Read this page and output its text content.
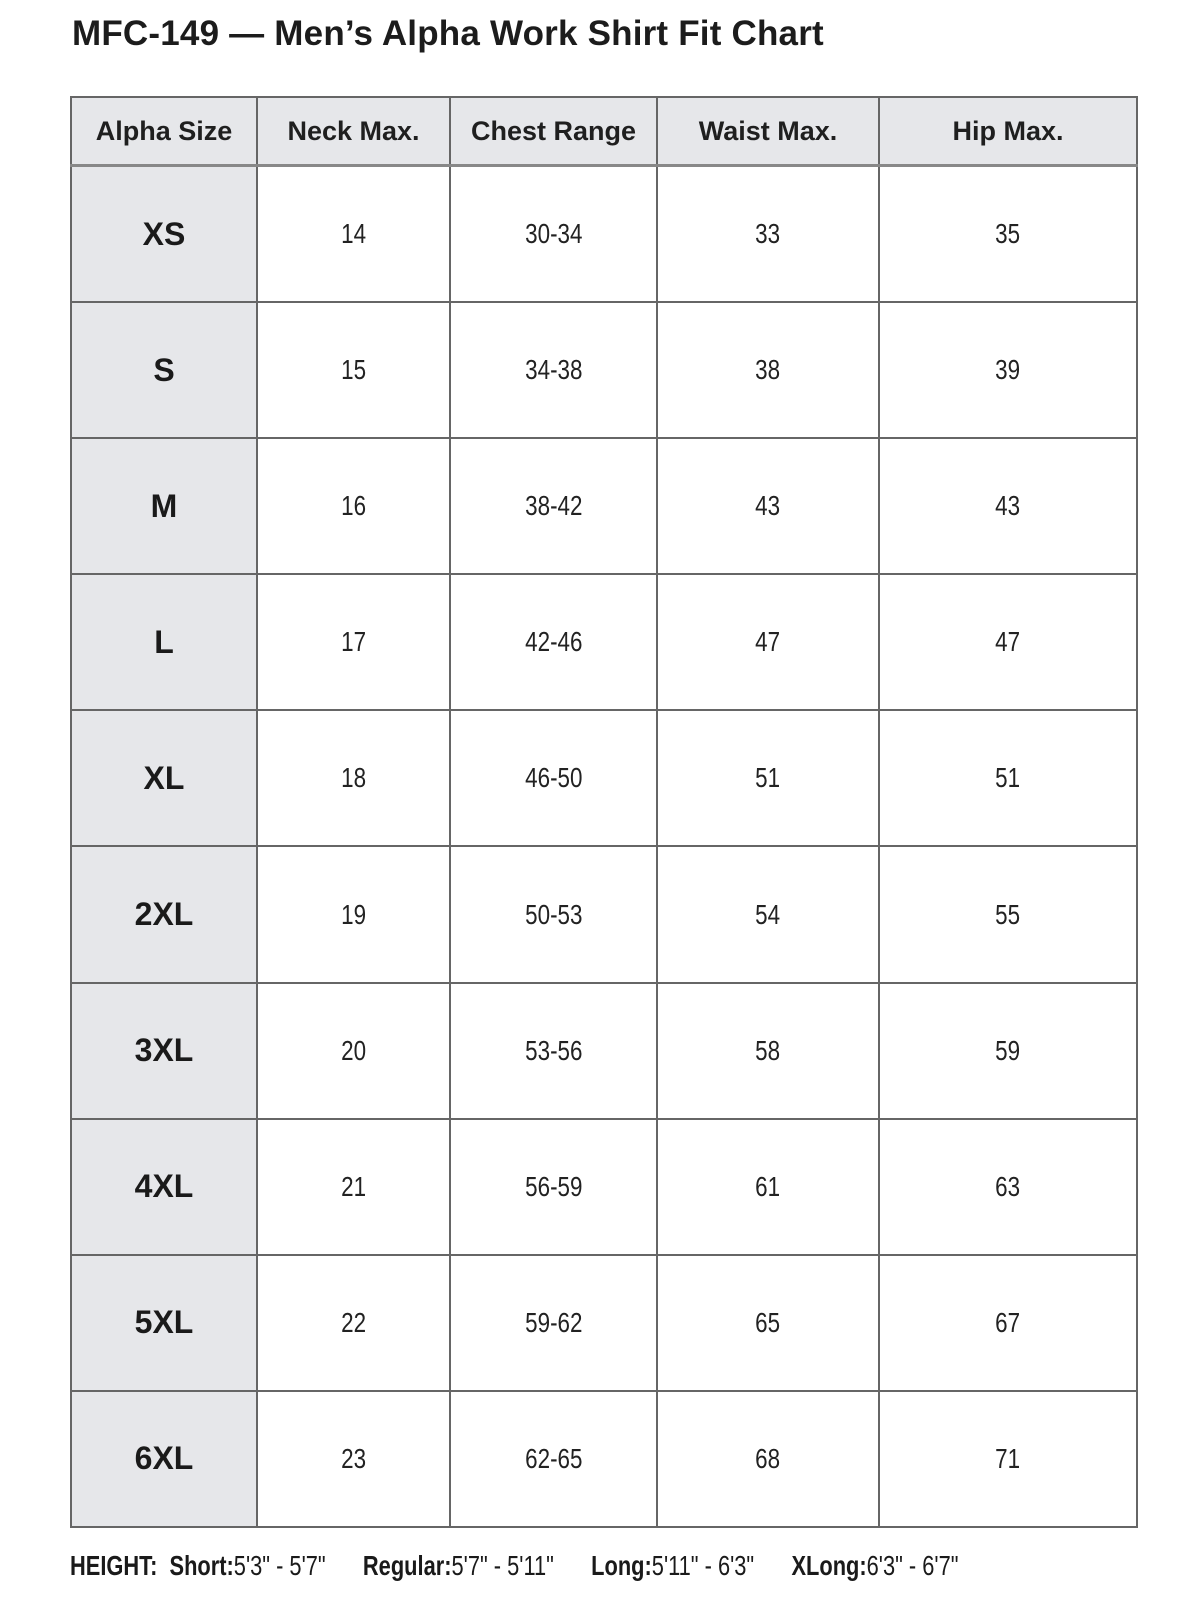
MFC-149 — Men’s Alpha Work Shirt Fit Chart
Alpha Size	Neck Max.	Chest Range	Waist Max.	Hip Max.
XS	14	30-34	33	35
S	15	34-38	38	39
M	16	38-42	43	43
L	17	42-46	47	47
XL	18	46-50	51	51
2XL	19	50-53	54	55
3XL	20	53-56	58	59
4XL	21	56-59	61	63
5XL	22	59-62	65	67
6XL	23	62-65	68	71
HEIGHT: Short:5'3" - 5'7" Regular:5'7" - 5'11" Long:5'11" - 6'3" XLong:6'3" - 6'7"
